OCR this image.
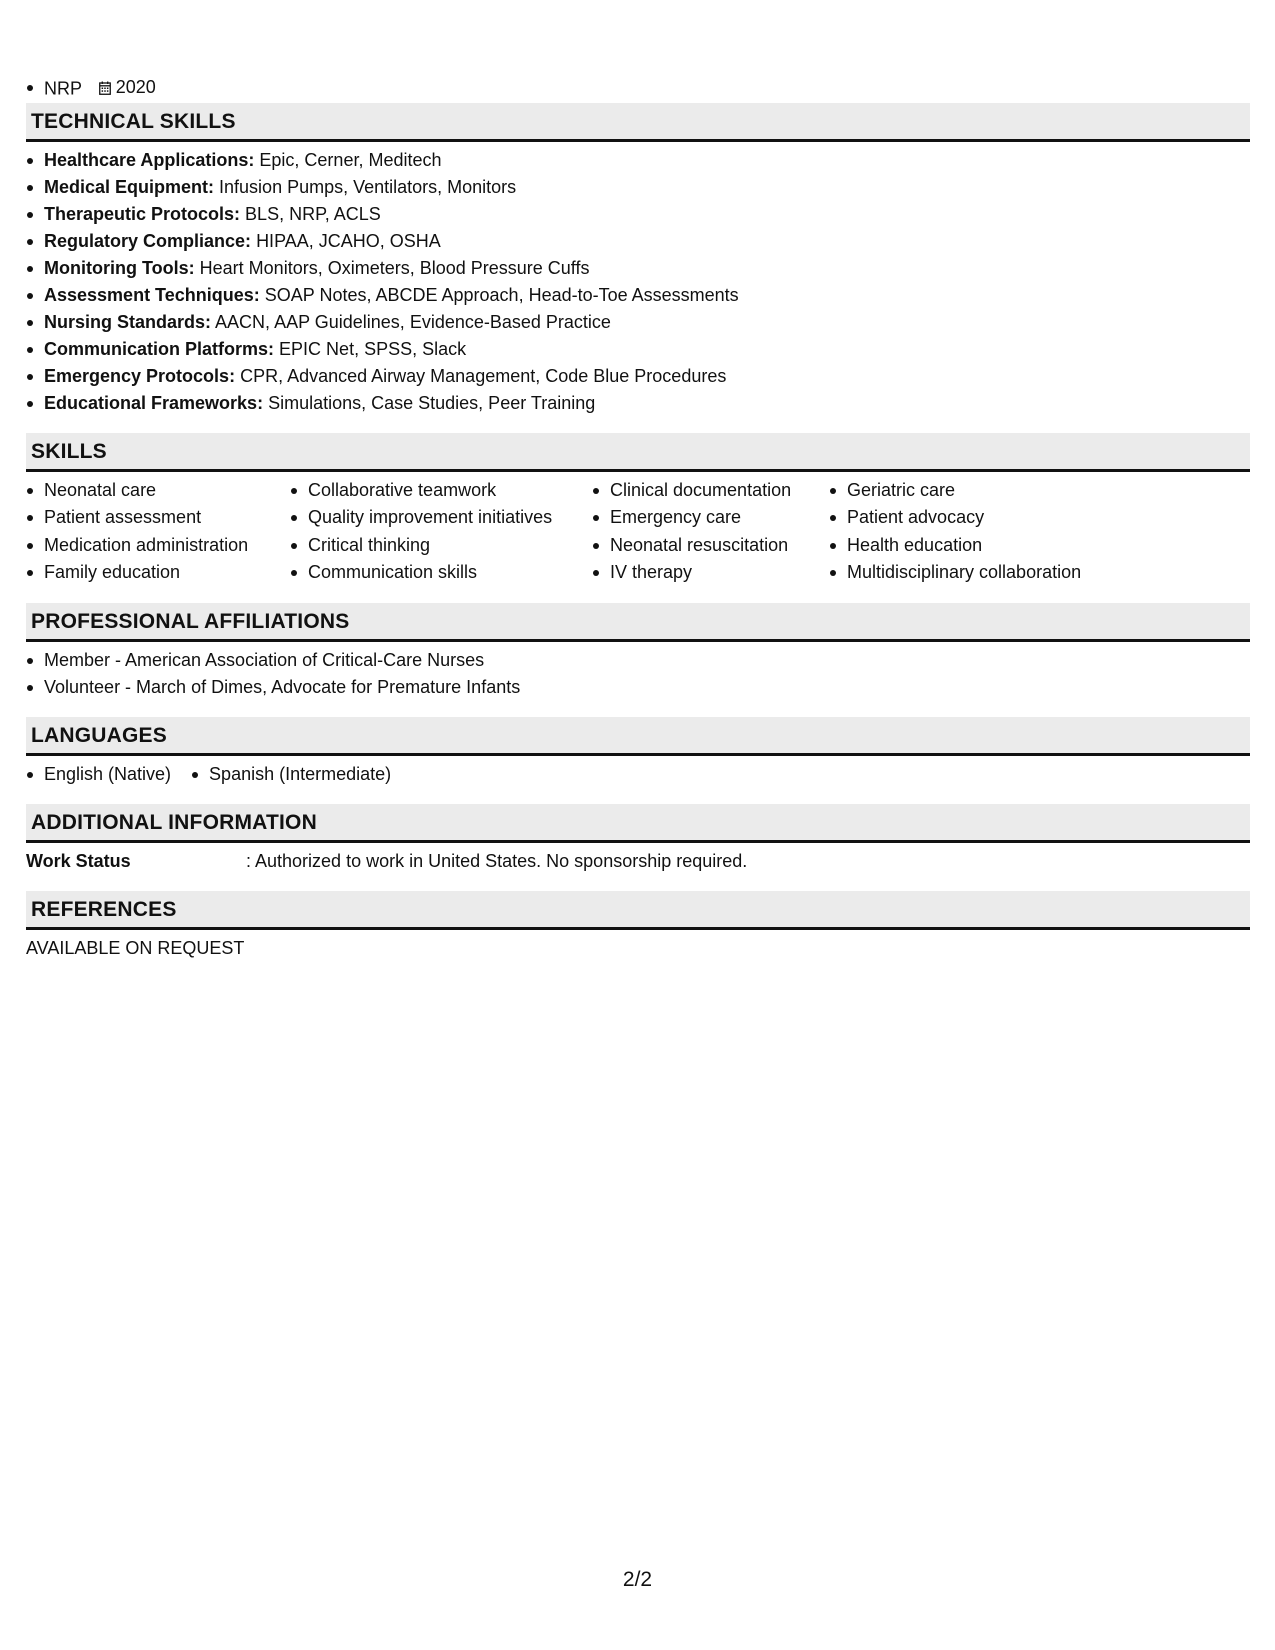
NRP 2020
TECHNICAL SKILLS
Healthcare Applications: Epic, Cerner, Meditech
Medical Equipment: Infusion Pumps, Ventilators, Monitors
Therapeutic Protocols: BLS, NRP, ACLS
Regulatory Compliance: HIPAA, JCAHO, OSHA
Monitoring Tools: Heart Monitors, Oximeters, Blood Pressure Cuffs
Assessment Techniques: SOAP Notes, ABCDE Approach, Head-to-Toe Assessments
Nursing Standards: AACN, AAP Guidelines, Evidence-Based Practice
Communication Platforms: EPIC Net, SPSS, Slack
Emergency Protocols: CPR, Advanced Airway Management, Code Blue Procedures
Educational Frameworks: Simulations, Case Studies, Peer Training
SKILLS
Neonatal care
Patient assessment
Medication administration
Family education
Collaborative teamwork
Quality improvement initiatives
Critical thinking
Communication skills
Clinical documentation
Emergency care
Neonatal resuscitation
IV therapy
Geriatric care
Patient advocacy
Health education
Multidisciplinary collaboration
PROFESSIONAL AFFILIATIONS
Member - American Association of Critical-Care Nurses
Volunteer - March of Dimes, Advocate for Premature Infants
LANGUAGES
English (Native)	Spanish (Intermediate)
ADDITIONAL INFORMATION
Work Status	: Authorized to work in United States. No sponsorship required.
REFERENCES
AVAILABLE ON REQUEST
2/2
